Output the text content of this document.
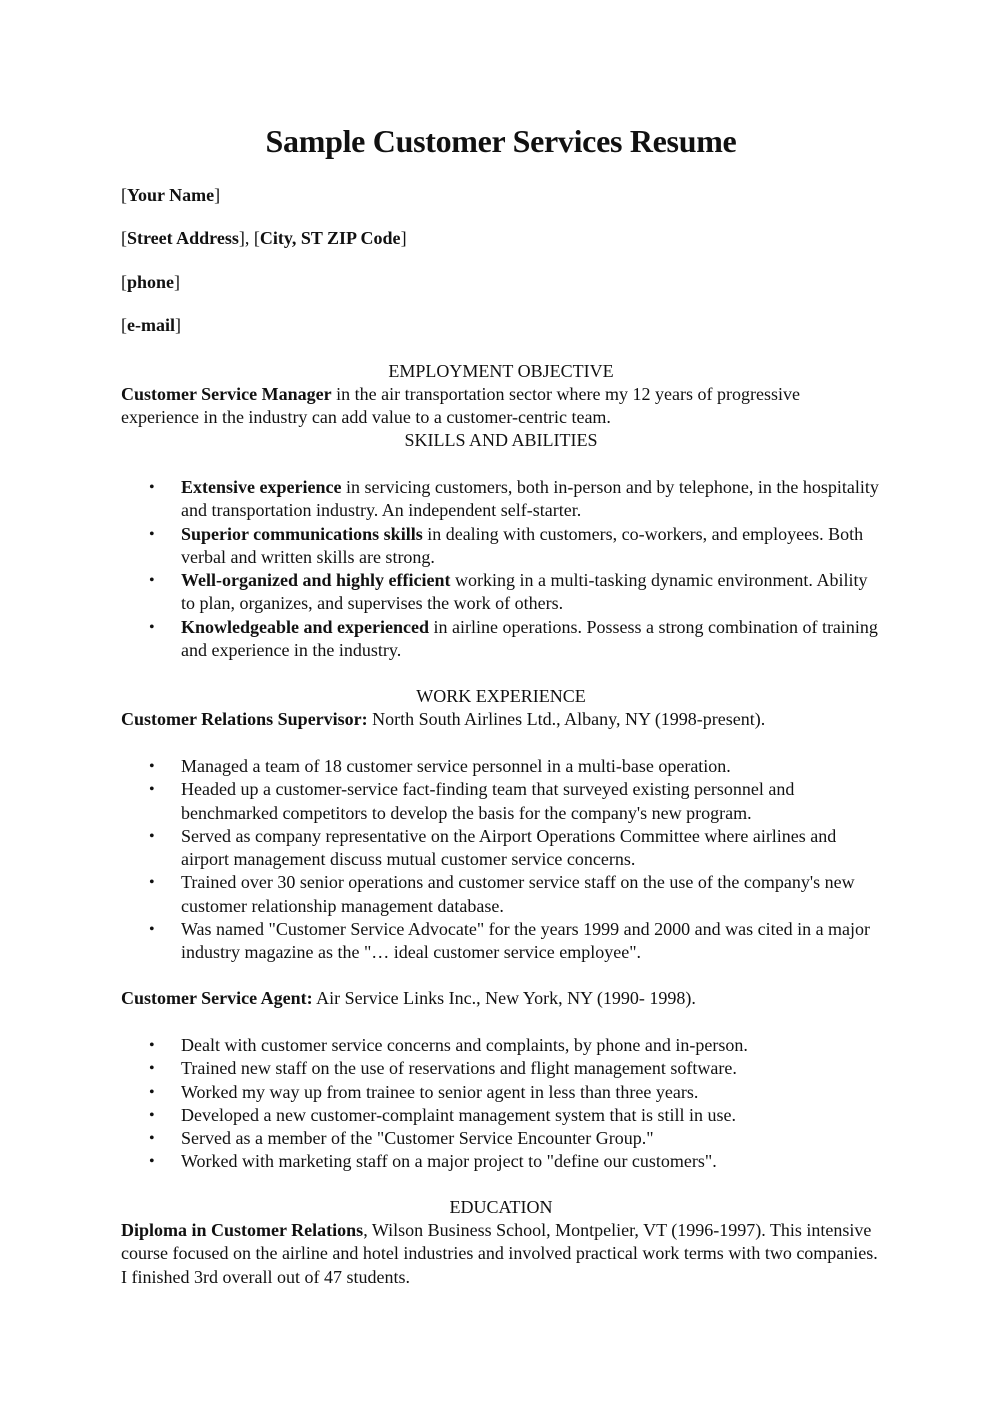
Sample Customer Services Resume
[Your Name]
[Street Address], [City, ST ZIP Code]
[phone]
[e-mail]
EMPLOYMENT OBJECTIVE

Customer Service Manager in the air transportation sector where my 12 years of progressive experience in the industry can add value to a customer-centric team.

SKILLS AND ABILITIES
• Extensive experience in servicing customers, both in-person and by telephone, in the hospitality and transportation industry. An independent self-starter.
• Superior communications skills in dealing with customers, co-workers, and employees. Both verbal and written skills are strong.
• Well-organized and highly efficient working in a multi-tasking dynamic environment. Ability to plan, organizes, and supervises the work of others.
• Knowledgeable and experienced in airline operations. Possess a strong combination of training and experience in the industry.
WORK EXPERIENCE

Customer Relations Supervisor: North South Airlines Ltd., Albany, NY (1998-present).

• Managed a team of 18 customer service personnel in a multi-base operation.
• Headed up a customer-service fact-finding team that surveyed existing personnel and benchmarked competitors to develop the basis for the company's new program.
• Served as company representative on the Airport Operations Committee where airlines and airport management discuss mutual customer service concerns.
• Trained over 30 senior operations and customer service staff on the use of the company's new customer relationship management database.
• Was named "Customer Service Advocate" for the years 1999 and 2000 and was cited in a major industry magazine as the "… ideal customer service employee".

Customer Service Agent: Air Service Links Inc., New York, NY (1990- 1998).

• Dealt with customer service concerns and complaints, by phone and in-person.
• Trained new staff on the use of reservations and flight management software.
• Worked my way up from trainee to senior agent in less than three years.
• Developed a new customer-complaint management system that is still in use.
• Served as a member of the "Customer Service Encounter Group."
• Worked with marketing staff on a major project to "define our customers".
EDUCATION

Diploma in Customer Relations, Wilson Business School, Montpelier, VT (1996-1997). This intensive course focused on the airline and hotel industries and involved practical work terms with two companies. I finished 3rd overall out of 47 students.
